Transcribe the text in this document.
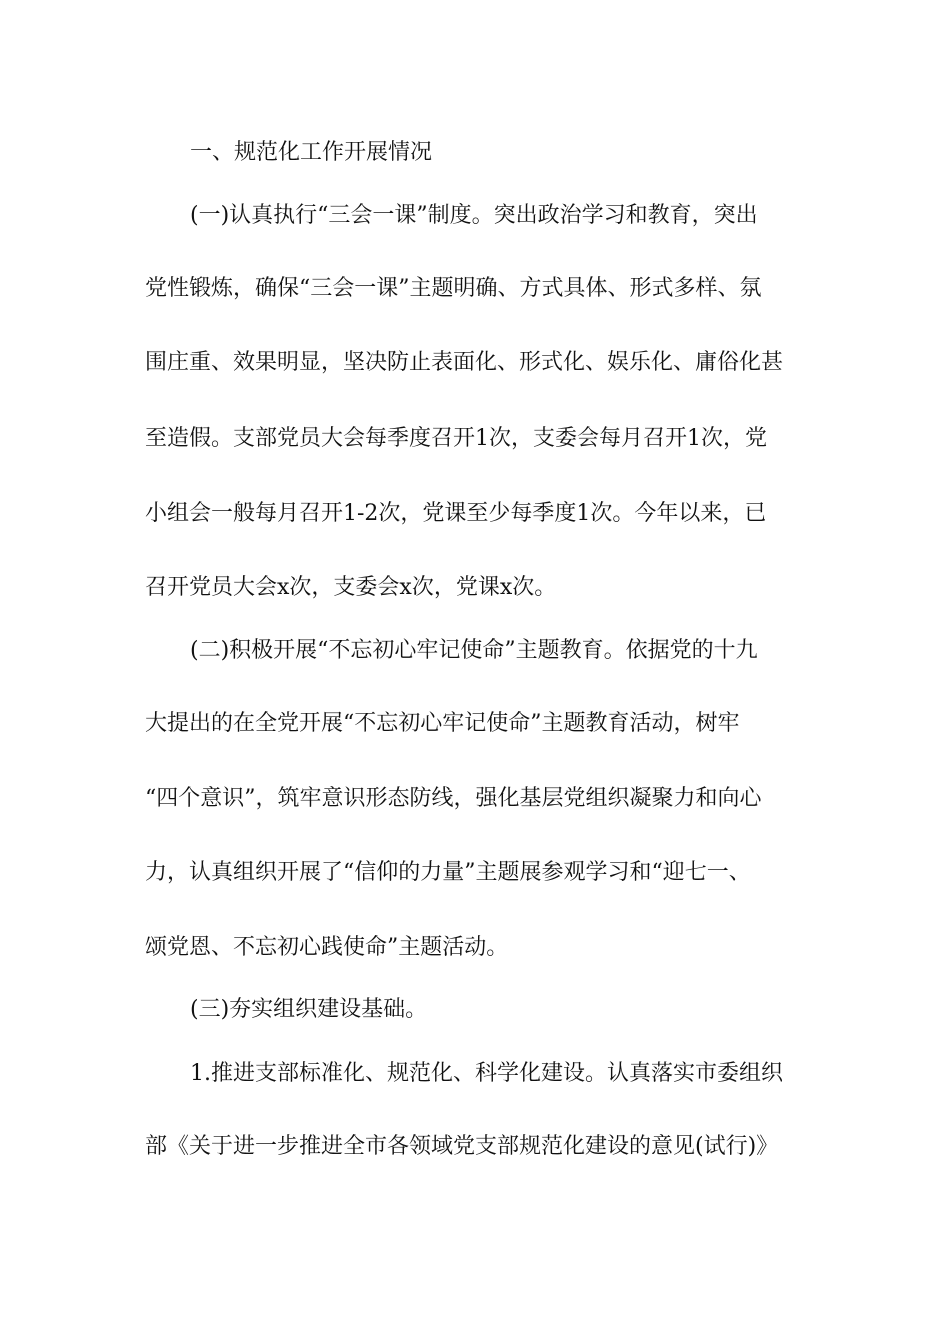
一、规范化工作开展情况
(一)认真执行“三会一课”制度。突出政治学习和教育，突出
党性锻炼，确保“三会一课”主题明确、方式具体、形式多样、氛
围庄重、效果明显，坚决防止表面化、形式化、娱乐化、庸俗化甚
至造假。支部党员大会每季度召开1次，支委会每月召开1次，党
小组会一般每月召开1-2次，党课至少每季度1次。今年以来，已
召开党员大会x次，支委会x次，党课x次。
(二)积极开展“不忘初心牢记使命”主题教育。依据党的十九
大提出的在全党开展“不忘初心牢记使命”主题教育活动，树牢
“四个意识”，筑牢意识形态防线，强化基层党组织凝聚力和向心
力，认真组织开展了“信仰的力量”主题展参观学习和“迎七一、
颂党恩、不忘初心践使命”主题活动。
(三)夯实组织建设基础。
1.推进支部标准化、规范化、科学化建设。认真落实市委组织
部《关于进一步推进全市各领域党支部规范化建设的意见(试行)》
